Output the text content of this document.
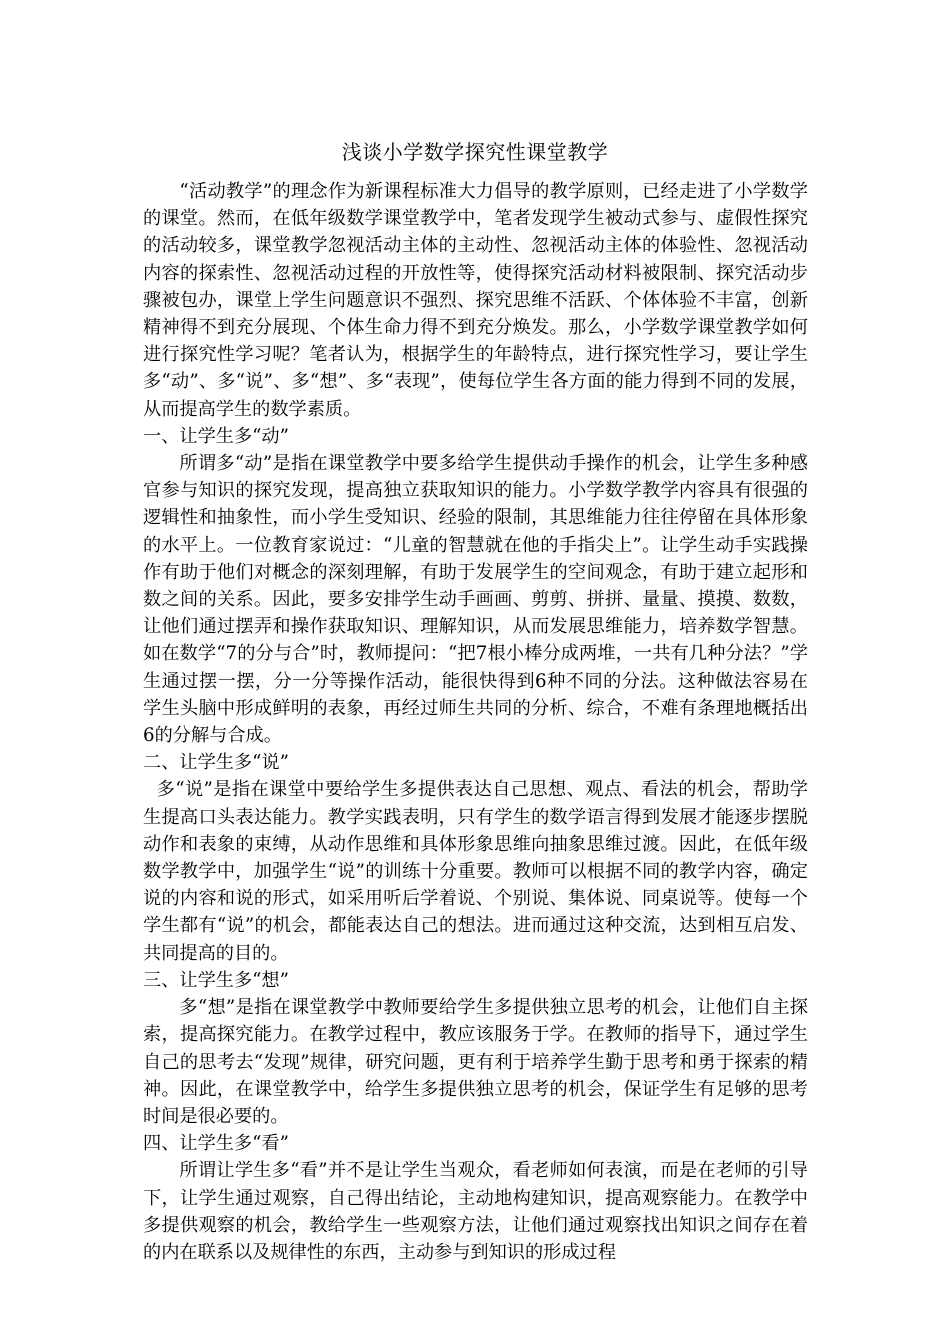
浅谈小学数学探究性课堂教学

“活动教学”的理念作为新课程标准大力倡导的教学原则，已经走进了小学数学的课堂。然而，在低年级数学课堂教学中，笔者发现学生被动式参与、虚假性探究的活动较多，课堂教学忽视活动主体的主动性、忽视活动主体的体验性、忽视活动内容的探索性、忽视活动过程的开放性等，使得探究活动材料被限制、探究活动步骤被包办，课堂上学生问题意识不强烈、探究思维不活跃、个体体验不丰富，创新精神得不到充分展现、个体生命力得不到充分焕发。那么，小学数学课堂教学如何进行探究性学习呢？笔者认为，根据学生的年龄特点，进行探究性学习，要让学生多“动”、多“说”、多“想”、多“表现”，使每位学生各方面的能力得到不同的发展，从而提高学生的数学素质。

一、让学生多“动”

所谓多“动”是指在课堂教学中要多给学生提供动手操作的机会，让学生多种感官参与知识的探究发现，提高独立获取知识的能力。小学数学教学内容具有很强的逻辑性和抽象性，而小学生受知识、经验的限制，其思维能力往往停留在具体形象的水平上。一位教育家说过：“儿童的智慧就在他的手指尖上”。让学生动手实践操作有助于他们对概念的深刻理解，有助于发展学生的空间观念，有助于建立起形和数之间的关系。因此，要多安排学生动手画画、剪剪、拼拼、量量、摸摸、数数，让他们通过摆弄和操作获取知识、理解知识，从而发展思维能力，培养数学智慧。如在数学“7的分与合”时，教师提问：“把7根小棒分成两堆，一共有几种分法？”学生通过摆一摆，分一分等操作活动，能很快得到6种不同的分法。这种做法容易在学生头脑中形成鲜明的表象，再经过师生共同的分析、综合，不难有条理地概括出6的分解与合成。

二、让学生多“说”

多“说”是指在课堂中要给学生多提供表达自己思想、观点、看法的机会，帮助学生提高口头表达能力。教学实践表明，只有学生的数学语言得到发展才能逐步摆脱动作和表象的束缚，从动作思维和具体形象思维向抽象思维过渡。因此，在低年级数学教学中，加强学生“说”的训练十分重要。教师可以根据不同的教学内容，确定说的内容和说的形式，如采用听后学着说、个别说、集体说、同桌说等。使每一个学生都有“说”的机会，都能表达自己的想法。进而通过这种交流，达到相互启发、共同提高的目的。

三、让学生多“想”

多“想”是指在课堂教学中教师要给学生多提供独立思考的机会，让他们自主探索，提高探究能力。在教学过程中，教应该服务于学。在教师的指导下，通过学生自己的思考去“发现”规律，研究问题，更有利于培养学生勤于思考和勇于探索的精神。因此，在课堂教学中，给学生多提供独立思考的机会，保证学生有足够的思考时间是很必要的。

四、让学生多“看”

所谓让学生多“看”并不是让学生当观众，看老师如何表演，而是在老师的引导下，让学生通过观察，自己得出结论，主动地构建知识，提高观察能力。在教学中多提供观察的机会，教给学生一些观察方法，让他们通过观察找出知识之间存在着的内在联系以及规律性的东西，主动参与到知识的形成过程
